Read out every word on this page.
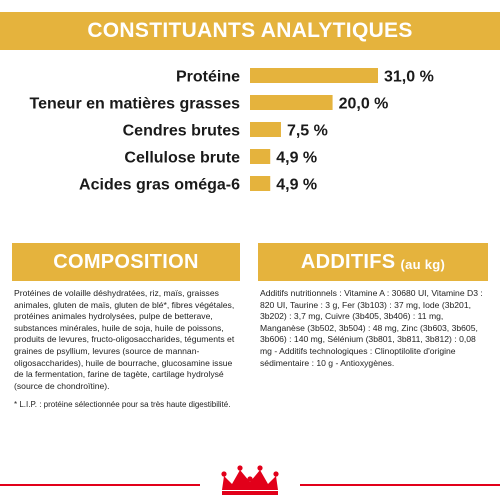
CONSTITUANTS ANALYTIQUES
Protéine	31,0 %
Teneur en matières grasses	20,0 %
Cendres brutes	7,5 %
Cellulose brute 4,9 %
Acides gras oméga-6 4,9 %
COMPOSITION	ADDITIFS (au kg)
Protéines de volaille déshydratées, riz, maïs, graisses animales, gluten de maïs, gluten de blé*, fibres végétales, protéines animales hydrolysées, pulpe de betterave, substances minérales, huile de soja, huile de poissons, produits de levures, fructo-oligosaccharides, téguments et graines de psyllium, levures (source de mannan-oligosaccharides), huile de bourrache, glucosamine issue de la fermentation, farine de tagète, cartilage hydrolysé (source de chondroïtine).
Additifs nutritionnels : Vitamine A : 30680 UI, Vitamine D3 : 820 UI, Taurine : 3 g, Fer (3b103) : 37 mg, Iode (3b201, 3b202) : 3,7 mg, Cuivre (3b405, 3b406) : 11 mg, Manganèse (3b502, 3b504) : 48 mg, Zinc (3b603, 3b605, 3b606) : 140 mg, Sélénium (3b801, 3b811, 3b812) : 0,08 mg - Additifs technologiques : Clinoptilolite d'origine sédimentaire : 10 g - Antioxygènes.
* L.I.P. : protéine sélectionnée pour sa très haute digestibilité.
